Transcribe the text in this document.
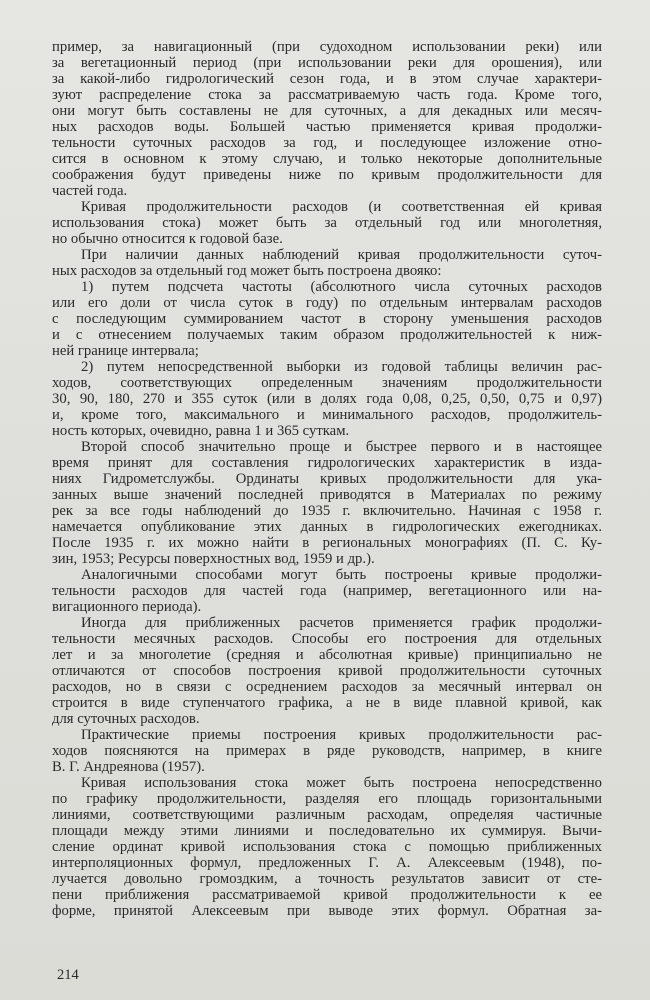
пример, за навигационный (при судоходном использовании реки) или
за вегетационный период (при использовании реки для орошения), или
за какой-либо гидрологический сезон года, и в этом случае характери-
зуют распределение стока за рассматриваемую часть года. Кроме того,
они могут быть составлены не для суточных, а для декадных или месяч-
ных расходов воды. Большей частью применяется кривая продолжи-
тельности суточных расходов за год, и последующее изложение отно-
сится в основном к этому случаю, и только некоторые дополнительные
соображения будут приведены ниже по кривым продолжительности для
частей года.
Кривая продолжительности расходов (и соответственная ей кривая
использования стока) может быть за отдельный год или многолетняя,
но обычно относится к годовой базе.
При наличии данных наблюдений кривая продолжительности суточ-
ных расходов за отдельный год может быть построена двояко:
1) путем подсчета частоты (абсолютного числа суточных расходов
или его доли от числа суток в году) по отдельным интервалам расходов
с последующим суммированием частот в сторону уменьшения расходов
и с отнесением получаемых таким образом продолжительностей к ниж-
ней границе интервала;
2) путем непосредственной выборки из годовой таблицы величин рас-
ходов, соответствующих определенным значениям продолжительности
30, 90, 180, 270 и 355 суток (или в долях года 0,08, 0,25, 0,50, 0,75 и 0,97)
и, кроме того, максимального и минимального расходов, продолжитель-
ность которых, очевидно, равна 1 и 365 суткам.
Второй способ значительно проще и быстрее первого и в настоящее
время принят для составления гидрологических характеристик в изда-
ниях Гидрометслужбы. Ординаты кривых продолжительности для ука-
занных выше значений последней приводятся в Материалах по режиму
рек за все годы наблюдений до 1935 г. включительно. Начиная с 1958 г.
намечается опубликование этих данных в гидрологических ежегодниках.
После 1935 г. их можно найти в региональных монографиях (П. С. Ку-
зин, 1953; Ресурсы поверхностных вод, 1959 и др.).
Аналогичными способами могут быть построены кривые продолжи-
тельности расходов для частей года (например, вегетационного или на-
вигационного периода).
Иногда для приближенных расчетов применяется график продолжи-
тельности месячных расходов. Способы его построения для отдельных
лет и за многолетие (средняя и абсолютная кривые) принципиально не
отличаются от способов построения кривой продолжительности суточных
расходов, но в связи с осреднением расходов за месячный интервал он
строится в виде ступенчатого графика, а не в виде плавной кривой, как
для суточных расходов.
Практические приемы построения кривых продолжительности рас-
ходов поясняются на примерах в ряде руководств, например, в книге
В. Г. Андреянова (1957).
Кривая использования стока может быть построена непосредственно
по графику продолжительности, разделяя его площадь горизонтальными
линиями, соответствующими различным расходам, определяя частичные
площади между этими линиями и последовательно их суммируя. Вычи-
сление ординат кривой использования стока с помощью приближенных
интерполяционных формул, предложенных Г. А. Алексеевым (1948), по-
лучается довольно громоздким, а точность результатов зависит от сте-
пени приближения рассматриваемой кривой продолжительности к ее
форме, принятой Алексеевым при выводе этих формул. Обратная за-
214
